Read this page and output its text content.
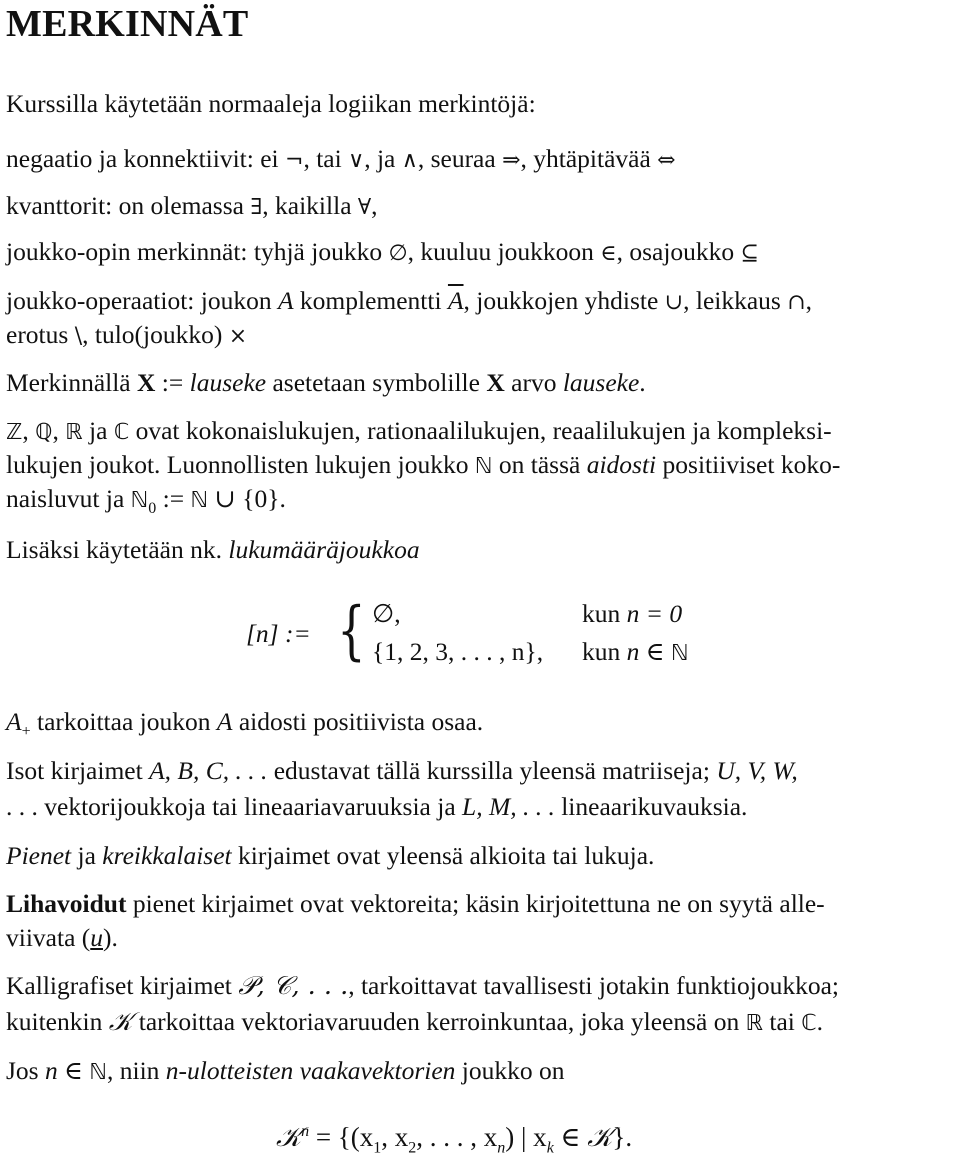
MERKINNÄT
Kurssilla käytetään normaaleja logiikan merkintöjä:
negaatio ja konnektiivit: ei ¬, tai ∨, ja ∧, seuraa ⇒, yhtäpitävää ⇔
kvanttorit: on olemassa ∃, kaikilla ∀,
joukko-opin merkinnät: tyhjä joukko ∅, kuuluu joukkoon ∈, osajoukko ⊆
joukko-operaatiot: joukon A komplementti $\overline{A}$, joukkojen yhdiste ∪, leikkaus ∩,
erotus \, tulo(joukko) ×
Merkinnällä X := lauseke asetetaan symbolille X arvo lauseke.
ℤ, ℚ, ℝ ja ℂ ovat kokonaislukujen, rationaalilukujen, reaalilukujen ja kompleksi-
lukujen joukot. Luonnollisten lukujen joukko ℕ on tässä aidosti positiiviset koko-
naisluvut ja ℕ$_0$ := ℕ ∪ {0}.
Lisäksi käytetään nk. lukumääräjoukkoa
[n] := { ∅,
{1, 2, 3, . . . , n},
kun n = 0
kun n ∈ ℕ
$A_+$ tarkoittaa joukon A aidosti positiivista osaa.
Isot kirjaimet A, B, C, . . . edustavat tällä kurssilla yleensä matriiseja; U, V, W,
. . . vektorijoukkoja tai lineaariavaruuksia ja L, M, . . . lineaarikuvauksia.
Pienet ja kreikkalaiset kirjaimet ovat yleensä alkioita tai lukuja.
Lihavoidut pienet kirjaimet ovat vektoreita; käsin kirjoitettuna ne on syytä alle-
viivata (u).
Kalligrafiset kirjaimet 𝒫, 𝒞, . . ., tarkoittavat tavallisesti jotakin funktiojoukkoa;
kuitenkin 𝒦 tarkoittaa vektoriavaruuden kerroinkuntaa, joka yleensä on ℝ tai ℂ.
Jos n ∈ ℕ, niin n-ulotteisten vaakavektorien joukko on
𝒦$^n$ = {($x_1$, $x_2$, . . . , $x_n$) | $x_k$ ∈ 𝒦}.
